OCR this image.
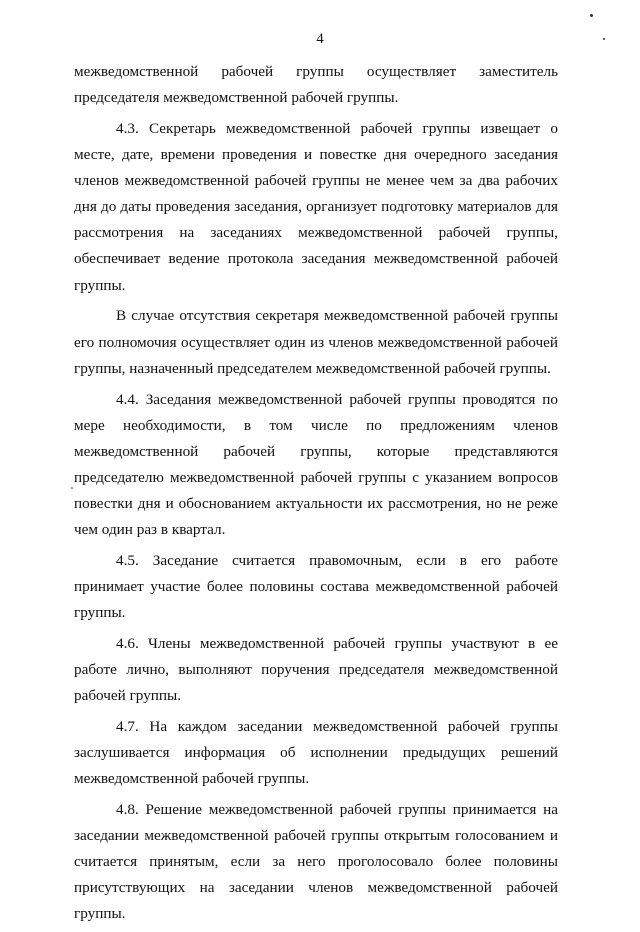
4

межведомственной рабочей группы осуществляет заместитель председателя межведомственной рабочей группы.

4.3. Секретарь межведомственной рабочей группы извещает о месте, дате, времени проведения и повестке дня очередного заседания членов межведомственной рабочей группы не менее чем за два рабочих дня до даты проведения заседания, организует подготовку материалов для рассмотрения на заседаниях межведомственной рабочей группы, обеспечивает ведение протокола заседания межведомственной рабочей группы.

В случае отсутствия секретаря межведомственной рабочей группы его полномочия осуществляет один из членов межведомственной рабочей группы, назначенный председателем межведомственной рабочей группы.

4.4. Заседания межведомственной рабочей группы проводятся по мере необходимости, в том числе по предложениям членов межведомственной рабочей группы, которые представляются председателю межведомственной рабочей группы с указанием вопросов повестки дня и обоснованием актуальности их рассмотрения, но не реже чем один раз в квартал.

4.5. Заседание считается правомочным, если в его работе принимает участие более половины состава межведомственной рабочей группы.

4.6. Члены межведомственной рабочей группы участвуют в ее работе лично, выполняют поручения председателя межведомственной рабочей группы.

4.7. На каждом заседании межведомственной рабочей группы заслушивается информация об исполнении предыдущих решений межведомственной рабочей группы.

4.8. Решение межведомственной рабочей группы принимается на заседании межведомственной рабочей группы открытым голосованием и считается принятым, если за него проголосовало более половины присутствующих на заседании членов межведомственной рабочей группы.
